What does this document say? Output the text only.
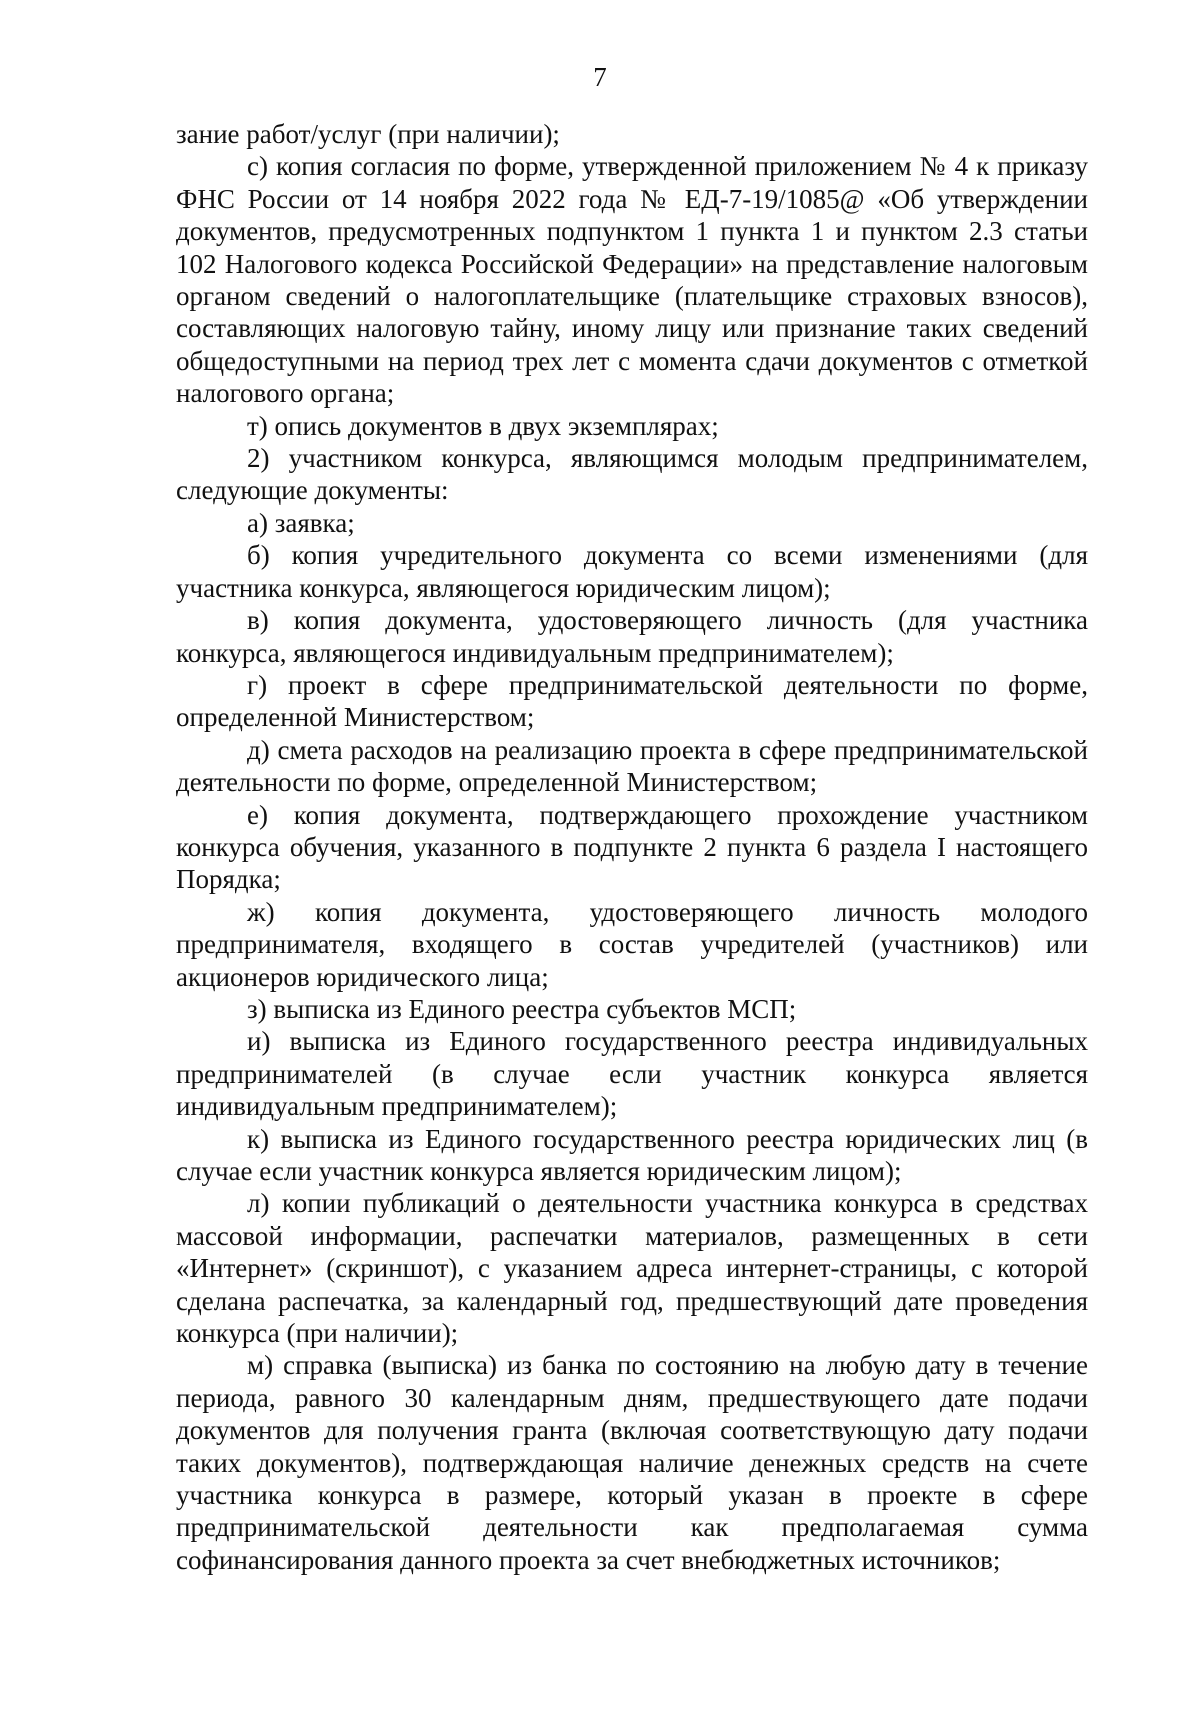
7

зание работ/услуг (при наличии);

с) копия согласия по форме, утвержденной приложением № 4 к приказу ФНС России от 14 ноября 2022 года № ЕД-7-19/1085@ «Об утверждении документов, предусмотренных подпунктом 1 пункта 1 и пунктом 2.3 статьи 102 Налогового кодекса Российской Федерации» на представление налоговым органом сведений о налогоплательщике (плательщике страховых взносов), составляющих налоговую тайну, иному лицу или признание таких сведений общедоступными на период трех лет с момента сдачи документов с отметкой налогового органа;

т) опись документов в двух экземплярах;

2) участником конкурса, являющимся молодым предпринимателем, следующие документы:

а) заявка;

б) копия учредительного документа со всеми изменениями (для участника конкурса, являющегося юридическим лицом);

в) копия документа, удостоверяющего личность (для участника конкурса, являющегося индивидуальным предпринимателем);

г) проект в сфере предпринимательской деятельности по форме, определенной Министерством;

д) смета расходов на реализацию проекта в сфере предпринимательской деятельности по форме, определенной Министерством;

е) копия документа, подтверждающего прохождение участником конкурса обучения, указанного в подпункте 2 пункта 6 раздела I настоящего Порядка;

ж) копия документа, удостоверяющего личность молодого предпринимателя, входящего в состав учредителей (участников) или акционеров юридического лица;

з) выписка из Единого реестра субъектов МСП;

и) выписка из Единого государственного реестра индивидуальных предпринимателей (в случае если участник конкурса является индивидуальным предпринимателем);

к) выписка из Единого государственного реестра юридических лиц (в случае если участник конкурса является юридическим лицом);

л) копии публикаций о деятельности участника конкурса в средствах массовой информации, распечатки материалов, размещенных в сети «Интернет» (скриншот), с указанием адреса интернет-страницы, с которой сделана распечатка, за календарный год, предшествующий дате проведения конкурса (при наличии);

м) справка (выписка) из банка по состоянию на любую дату в течение периода, равного 30 календарным дням, предшествующего дате подачи документов для получения гранта (включая соответствующую дату подачи таких документов), подтверждающая наличие денежных средств на счете участника конкурса в размере, который указан в проекте в сфере предпринимательской деятельности как предполагаемая сумма софинансирования данного проекта за счет внебюджетных источников;
